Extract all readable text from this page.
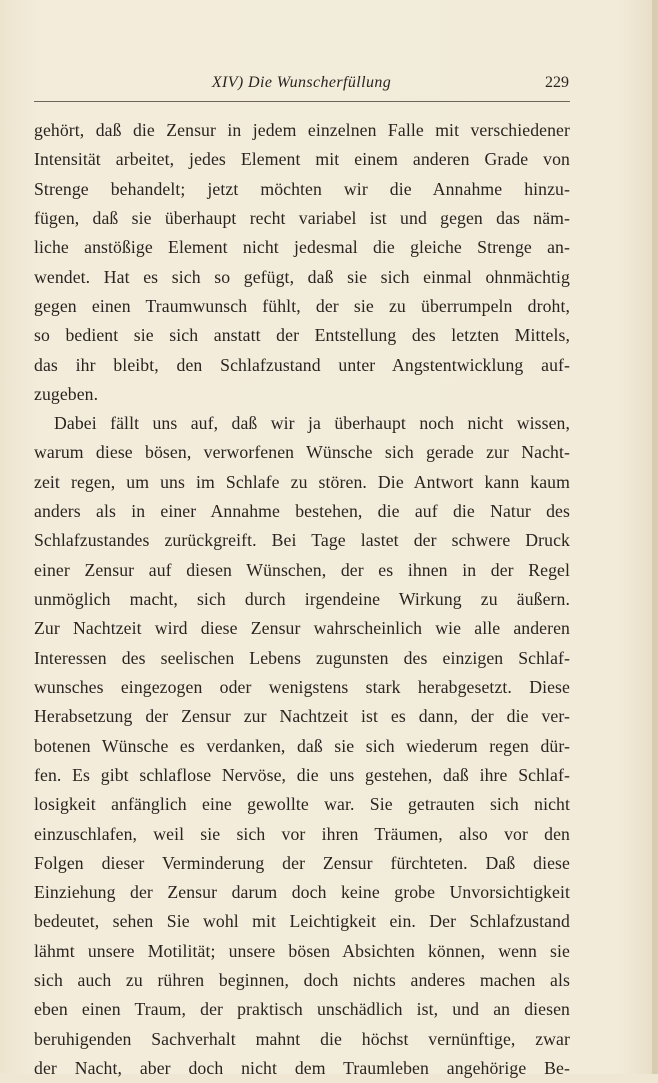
XIV) Die Wunscherfüllung	229
gehört, daß die Zensur in jedem einzelnen Falle mit verschiedener
Intensität arbeitet, jedes Element mit einem anderen Grade von
Strenge behandelt; jetzt möchten wir die Annahme hinzu-
fügen, daß sie überhaupt recht variabel ist und gegen das näm-
liche anstößige Element nicht jedesmal die gleiche Strenge an-
wendet. Hat es sich so gefügt, daß sie sich einmal ohnmächtig
gegen einen Traumwunsch fühlt, der sie zu überrumpeln droht,
so bedient sie sich anstatt der Entstellung des letzten Mittels,
das ihr bleibt, den Schlafzustand unter Angstentwicklung auf-
zugeben.
Dabei fällt uns auf, daß wir ja überhaupt noch nicht wissen,
warum diese bösen, verworfenen Wünsche sich gerade zur Nacht-
zeit regen, um uns im Schlafe zu stören. Die Antwort kann kaum
anders als in einer Annahme bestehen, die auf die Natur des
Schlafzustandes zurückgreift. Bei Tage lastet der schwere Druck
einer Zensur auf diesen Wünschen, der es ihnen in der Regel
unmöglich macht, sich durch irgendeine Wirkung zu äußern.
Zur Nachtzeit wird diese Zensur wahrscheinlich wie alle anderen
Interessen des seelischen Lebens zugunsten des einzigen Schlaf-
wunsches eingezogen oder wenigstens stark herabgesetzt. Diese
Herabsetzung der Zensur zur Nachtzeit ist es dann, der die ver-
botenen Wünsche es verdanken, daß sie sich wiederum regen dür-
fen. Es gibt schlaflose Nervöse, die uns gestehen, daß ihre Schlaf-
losigkeit anfänglich eine gewollte war. Sie getrauten sich nicht
einzuschlafen, weil sie sich vor ihren Träumen, also vor den
Folgen dieser Verminderung der Zensur fürchteten. Daß diese
Einziehung der Zensur darum doch keine grobe Unvorsichtigkeit
bedeutet, sehen Sie wohl mit Leichtigkeit ein. Der Schlafzustand
lähmt unsere Motilität; unsere bösen Absichten können, wenn sie
sich auch zu rühren beginnen, doch nichts anderes machen als
eben einen Traum, der praktisch unschädlich ist, und an diesen
beruhigenden Sachverhalt mahnt die höchst vernünftige, zwar
der Nacht, aber doch nicht dem Traumleben angehörige Be-
